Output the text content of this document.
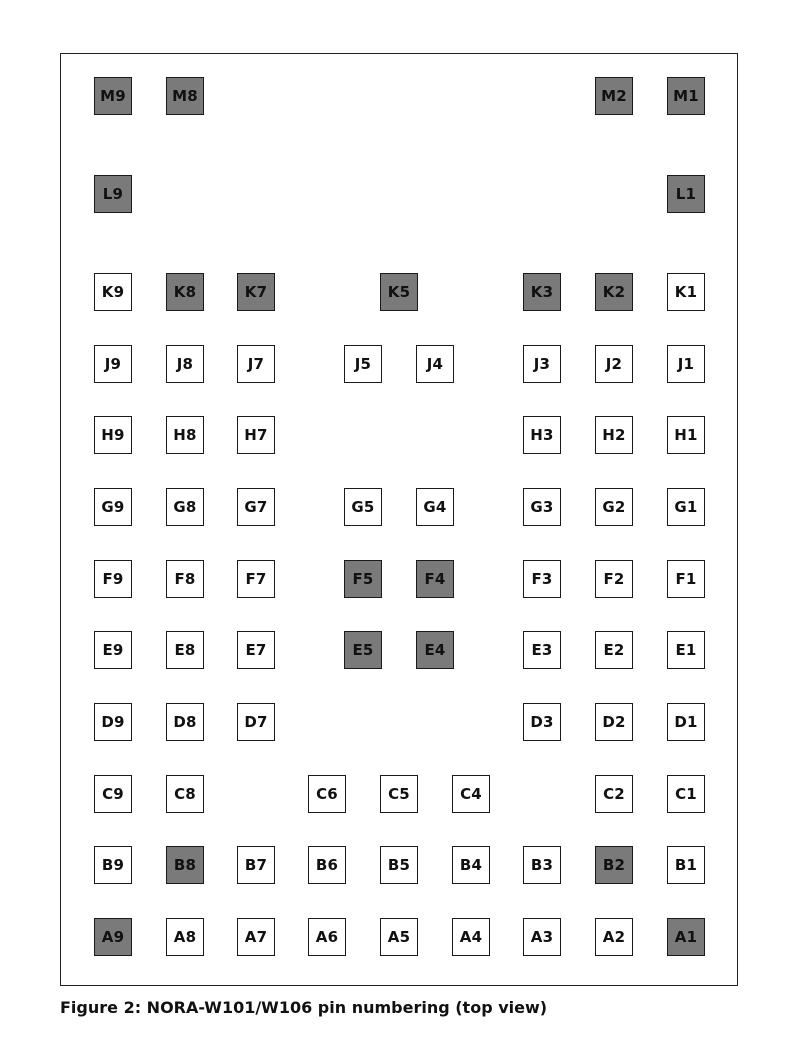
M9	M8	M2	M1
L9	L1
K9	K8	K7	K5	K3	K2	K1
J9	J8	J7	J5	J4	J3	J2	J1
H9	H8	H7	H3	H2	H1
G9	G8	G7	G5	G4	G3	G2	G1
F9	F8	F7	F5	F4	F3	F2	F1
E9	E8	E7	E5	E4	E3	E2	E1
D9	D8	D7	D3	D2	D1
C9	C8	C6	C5	C4	C2	C1
B9	B8	B7	B6	B5	B4	B3	B2	B1
A9	A8	A7	A6	A5	A4	A3	A2	A1
Figure 2: NORA-W101/W106 pin numbering (top view)
